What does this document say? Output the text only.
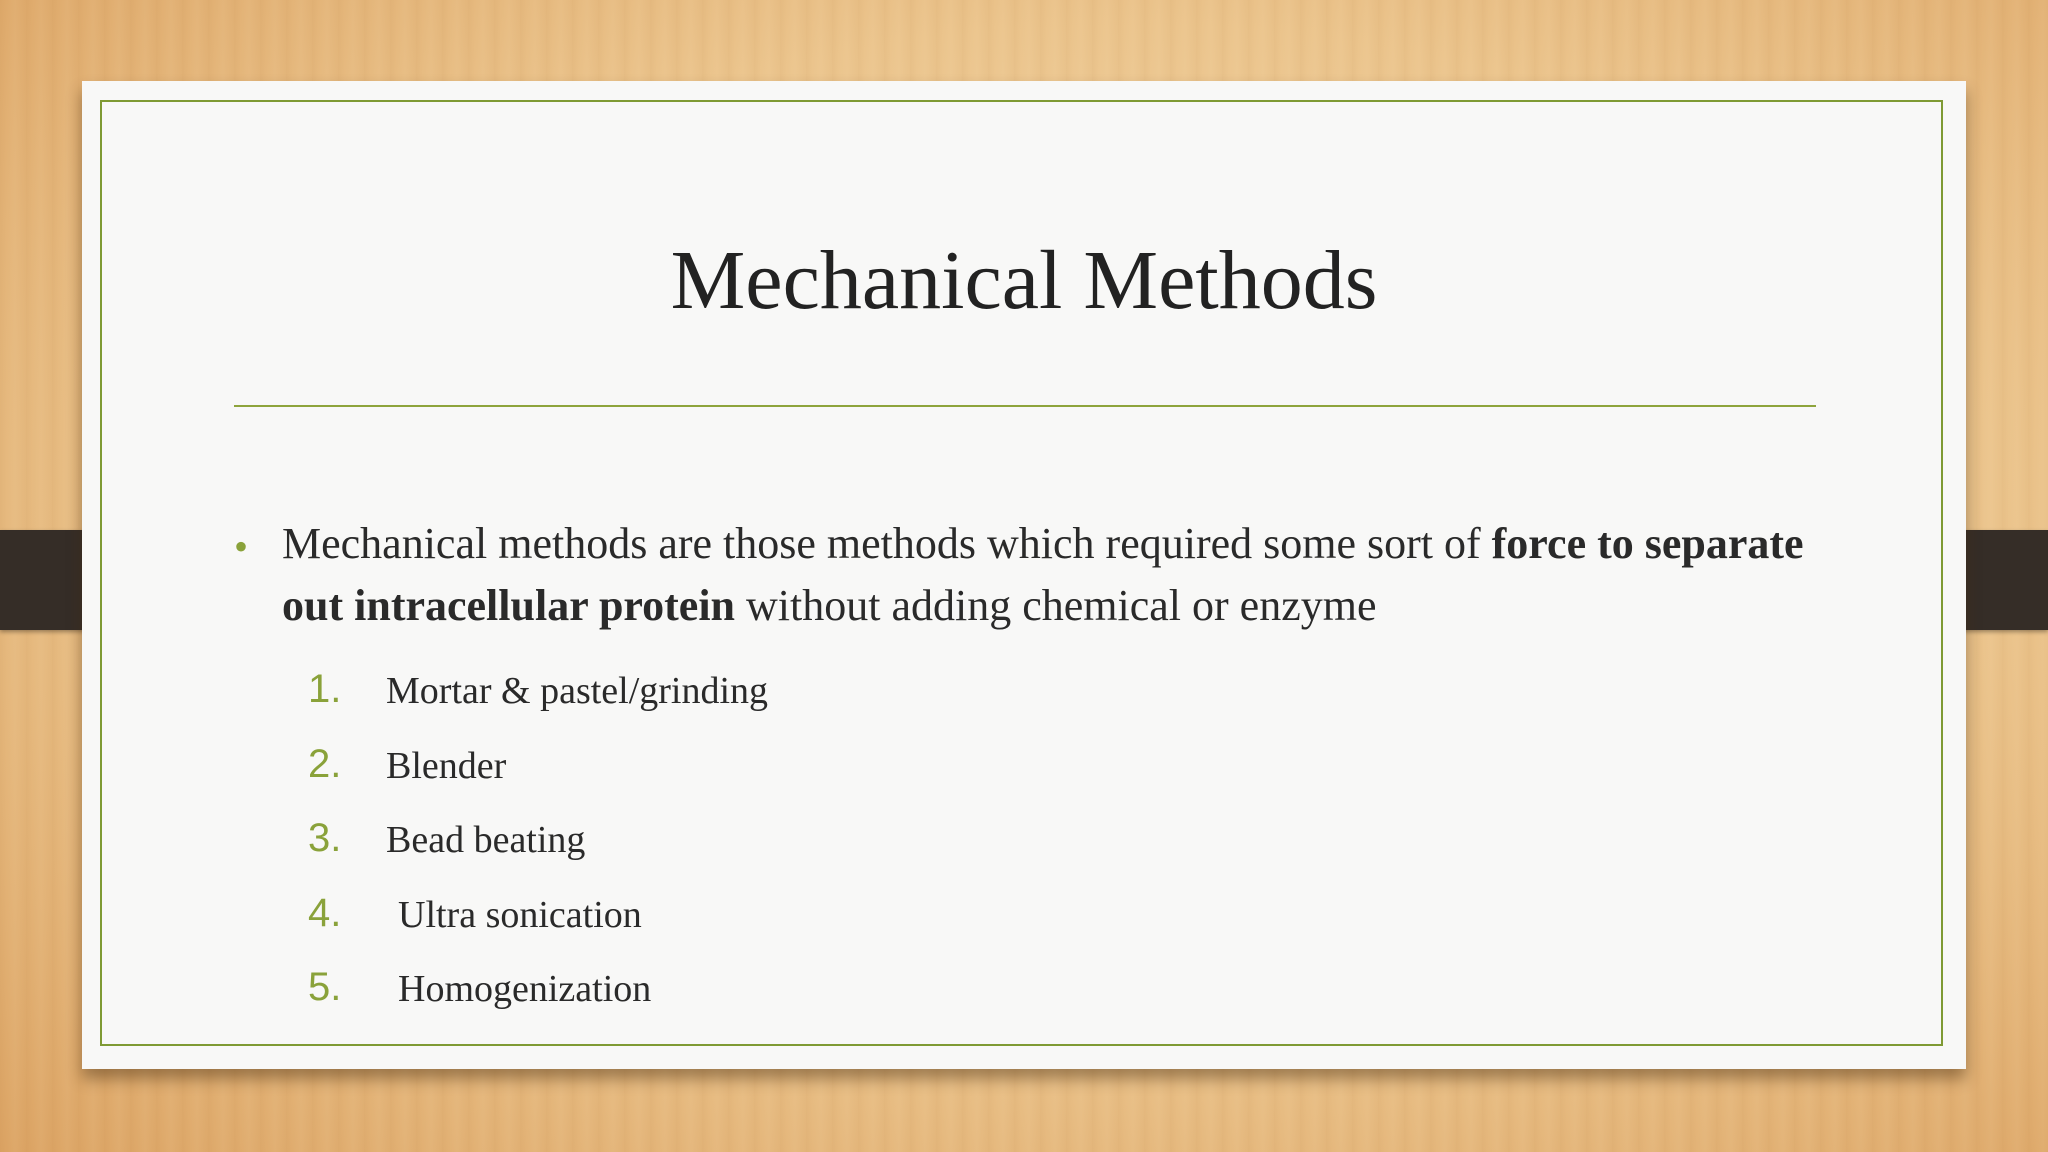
Mechanical Methods
• Mechanical methods are those methods which required some sort of force to separate out intracellular protein without adding chemical or enzyme
1. Mortar & pastel/grinding
2. Blender
3. Bead beating
4. Ultra sonication
5. Homogenization
